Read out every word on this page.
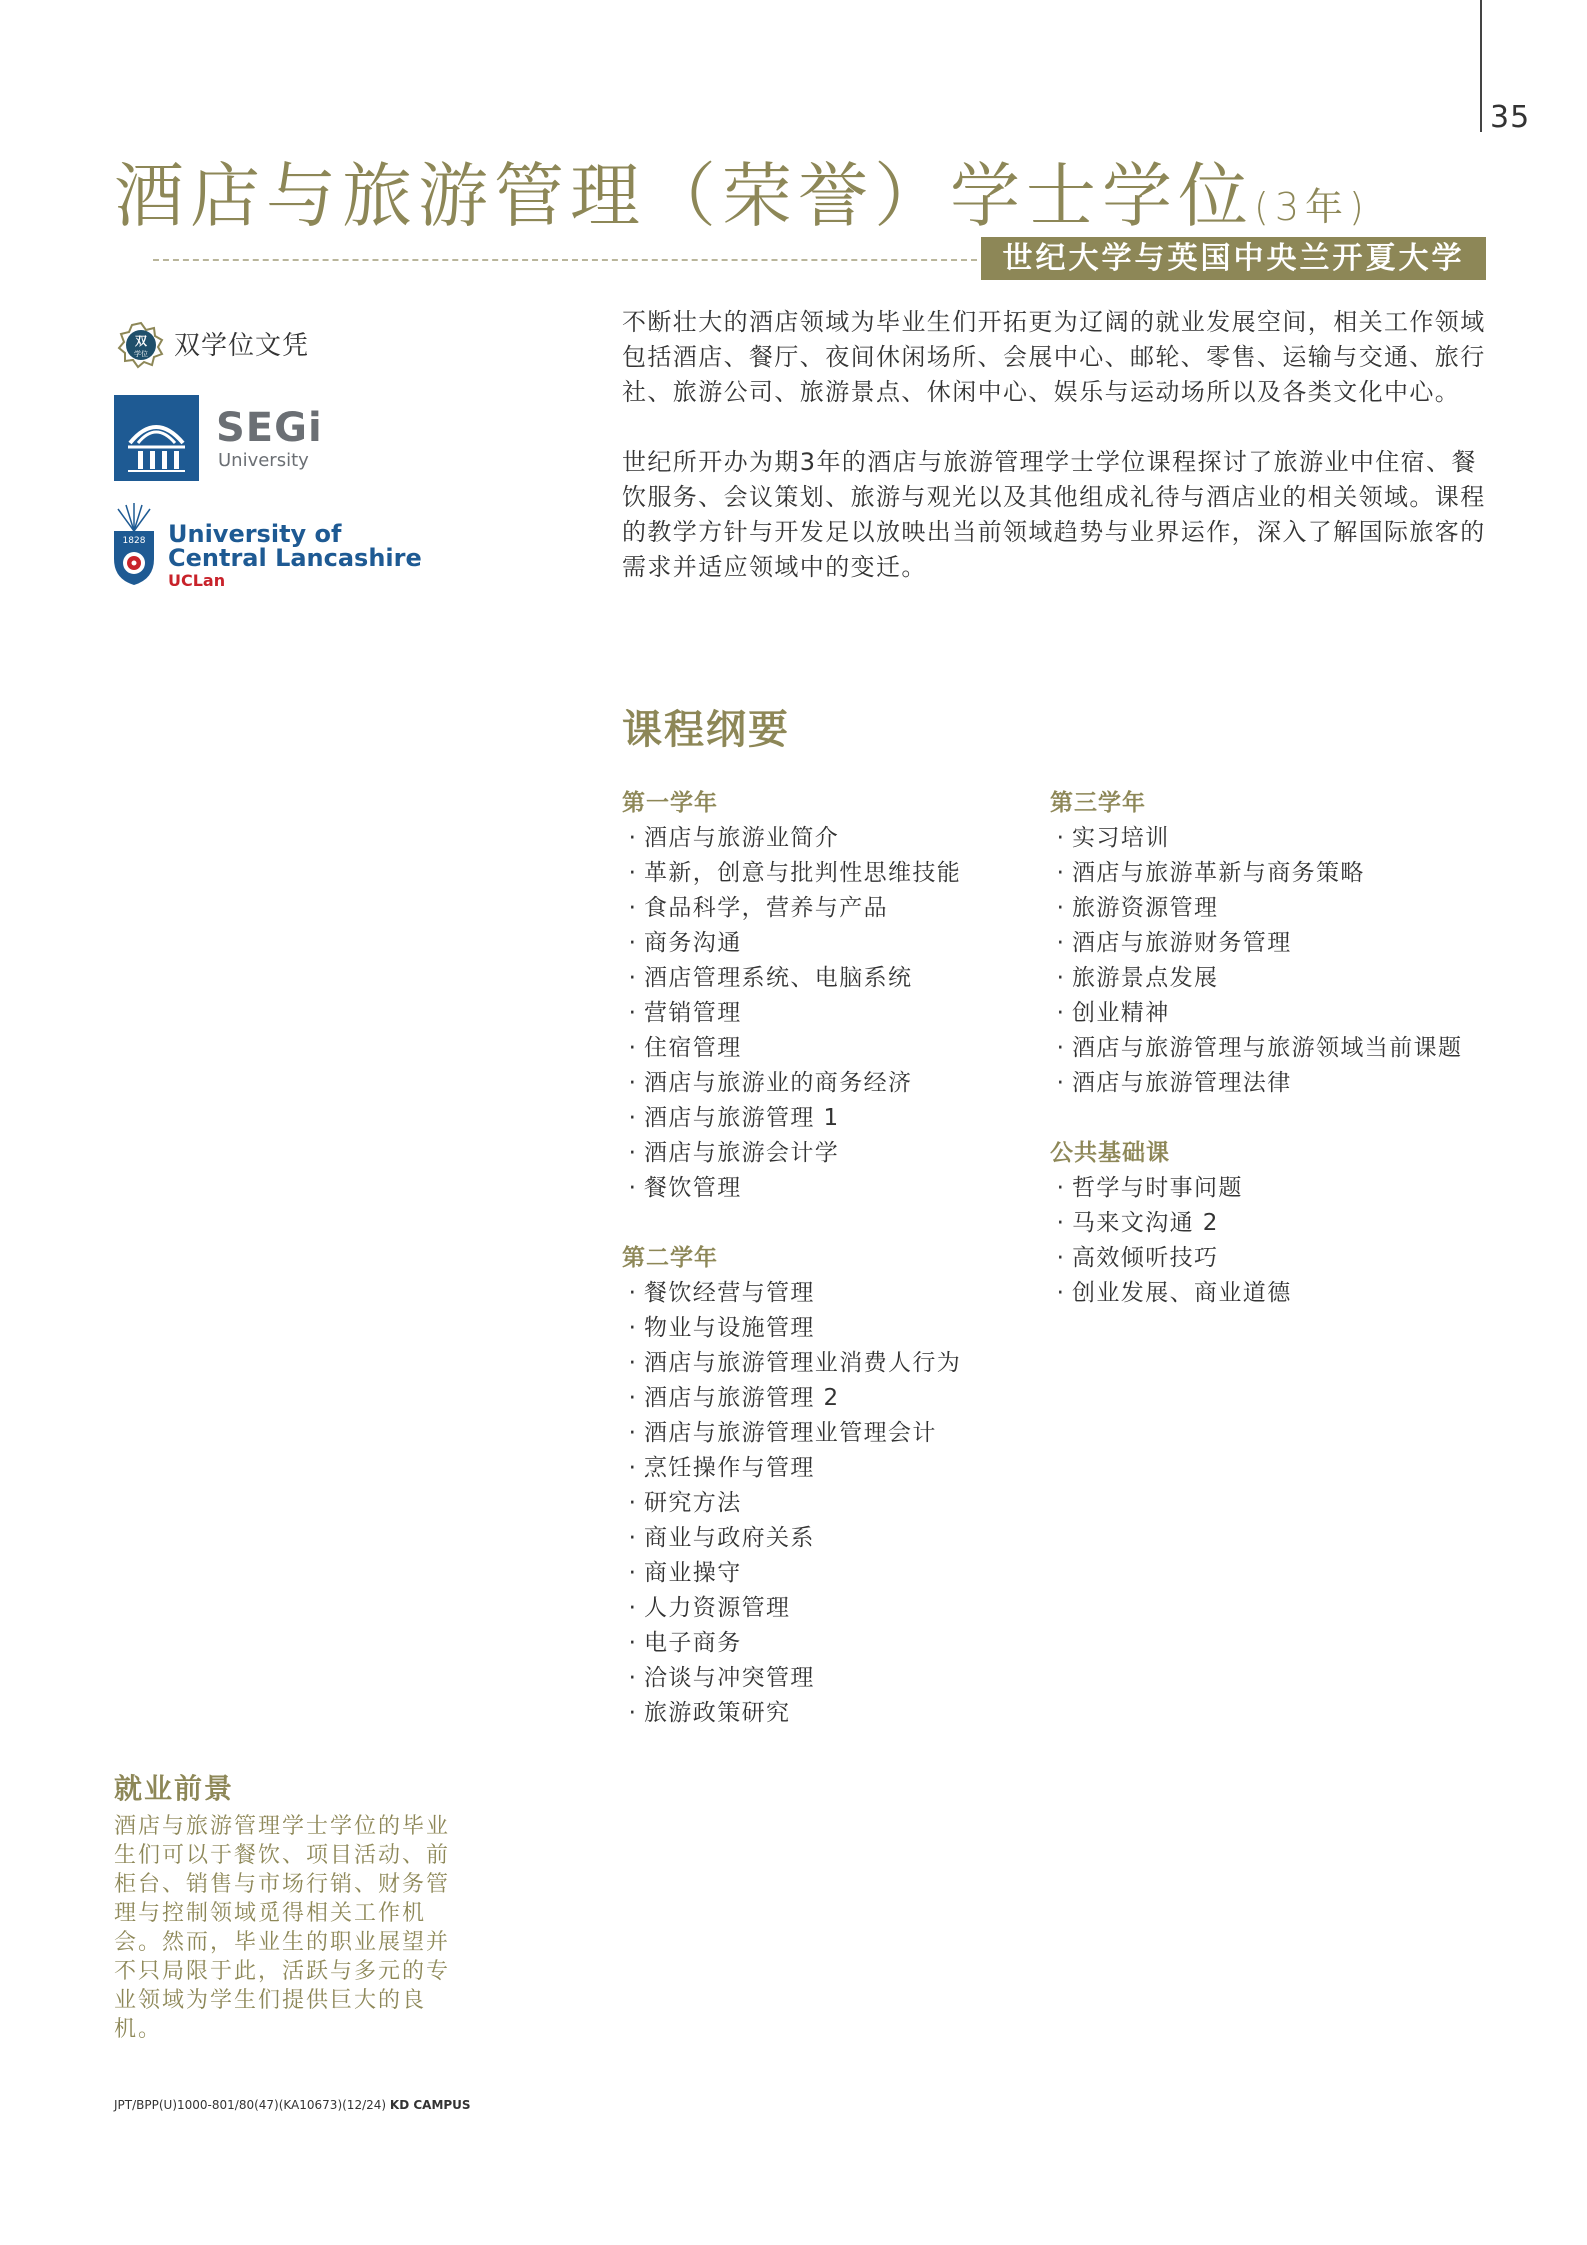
35
酒店与旅游管理（荣誉）学士学位(3年)
世纪大学与英国中央兰开夏大学
双
学位 双学位文凭
SEGi
University
1828 University of
Central Lancashire
UCLan

不断壮大的酒店领域为毕业生们开拓更为辽阔的就业发展空间，相关工作领域包括酒店、餐厅、夜间休闲场所、会展中心、邮轮、零售、运输与交通、旅行社、旅游公司、旅游景点、休闲中心、娱乐与运动场所以及各类文化中心。

世纪所开办为期3年的酒店与旅游管理学士学位课程探讨了旅游业中住宿、餐饮服务、会议策划、旅游与观光以及其他组成礼待与酒店业的相关领域。课程的教学方针与开发足以放映出当前领域趋势与业界运作，深入了解国际旅客的需求并适应领域中的变迁。

课程纲要
第一学年
· 酒店与旅游业简介
· 革新，创意与批判性思维技能
· 食品科学，营养与产品
· 商务沟通
· 酒店管理系统、电脑系统
· 营销管理
· 住宿管理
· 酒店与旅游业的商务经济
· 酒店与旅游管理 1
· 酒店与旅游会计学
· 餐饮管理
第二学年
· 餐饮经营与管理
· 物业与设施管理
· 酒店与旅游管理业消费人行为
· 酒店与旅游管理 2
· 酒店与旅游管理业管理会计
· 烹饪操作与管理
· 研究方法
· 商业与政府关系
· 商业操守
· 人力资源管理
· 电子商务
· 洽谈与冲突管理
· 旅游政策研究
第三学年
· 实习培训
· 酒店与旅游革新与商务策略
· 旅游资源管理
· 酒店与旅游财务管理
· 旅游景点发展
· 创业精神
· 酒店与旅游管理与旅游领域当前课题
· 酒店与旅游管理法律
公共基础课
· 哲学与时事问题
· 马来文沟通 2
· 高效倾听技巧
· 创业发展、商业道德
就业前景
酒店与旅游管理学士学位的毕业生们可以于餐饮、项目活动、前柜台、销售与市场行销、财务管理与控制领域觅得相关工作机会。然而，毕业生的职业展望并不只局限于此，活跃与多元的专业领域为学生们提供巨大的良机。
JPT/BPP(U)1000-801/80(47)(KA10673)(12/24) KD CAMPUS
